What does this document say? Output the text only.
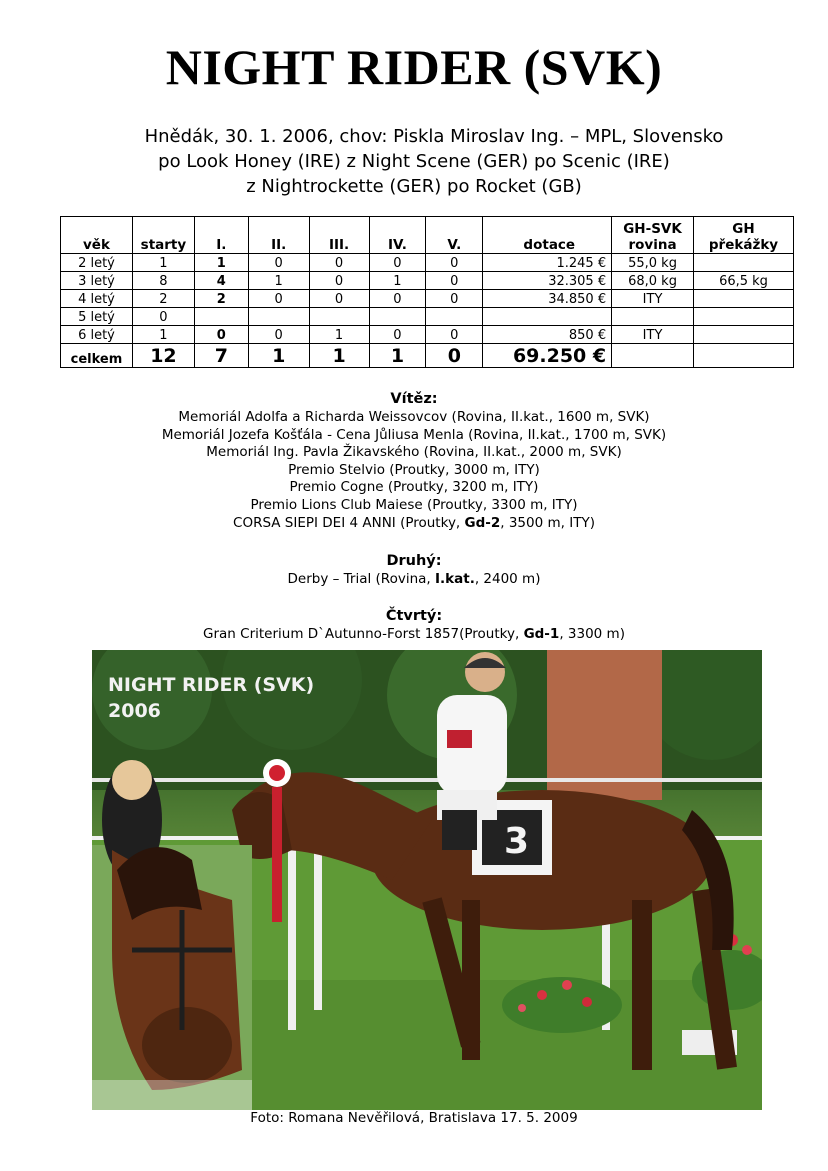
NIGHT RIDER (SVK)
Hnědák, 30. 1. 2006, chov: Piskla Miroslav Ing. – MPL, Slovensko
po Look Honey (IRE) z Night Scene (GER) po Scenic (IRE)
z Nightrockette (GER) po Rocket (GB)
věk	starty	I.	II.	III.	IV.	V.	dotace	GH-SVK rovina	GH překážky
2 letý	1	1	0	0	0	0	1.245 €	55,0 kg	
3 letý	8	4	1	0	1	0	32.305 €	68,0 kg	66,5 kg
4 letý	2	2	0	0	0	0	34.850 €	ITY	
5 letý	0								
6 letý	1	0	0	1	0	0	850 €	ITY	
celkem	12	7	1	1	1	0	69.250 €		
Vítěz:
Memoriál Adolfa a Richarda Weissovcov (Rovina, II.kat., 1600 m, SVK)
Memoriál Jozefa Košťála - Cena Jůliusa Menla (Rovina, II.kat., 1700 m, SVK)
Memoriál Ing. Pavla Žikavského (Rovina, II.kat., 2000 m, SVK)
Premio Stelvio (Proutky, 3000 m, ITY)
Premio Cogne (Proutky, 3200 m, ITY)
Premio Lions Club Maiese (Proutky, 3300 m, ITY)
CORSA SIEPI DEI 4 ANNI (Proutky, Gd-2, 3500 m, ITY)
Druhý:
Derby – Trial (Rovina, I.kat., 2400 m)
Čtvrtý:
Gran Criterium D`Autunno-Forst 1857(Proutky, Gd-1, 3300 m)
3
NIGHT RIDER (SVK)
2006
Foto: Romana Nevěřilová, Bratislava 17. 5. 2009
